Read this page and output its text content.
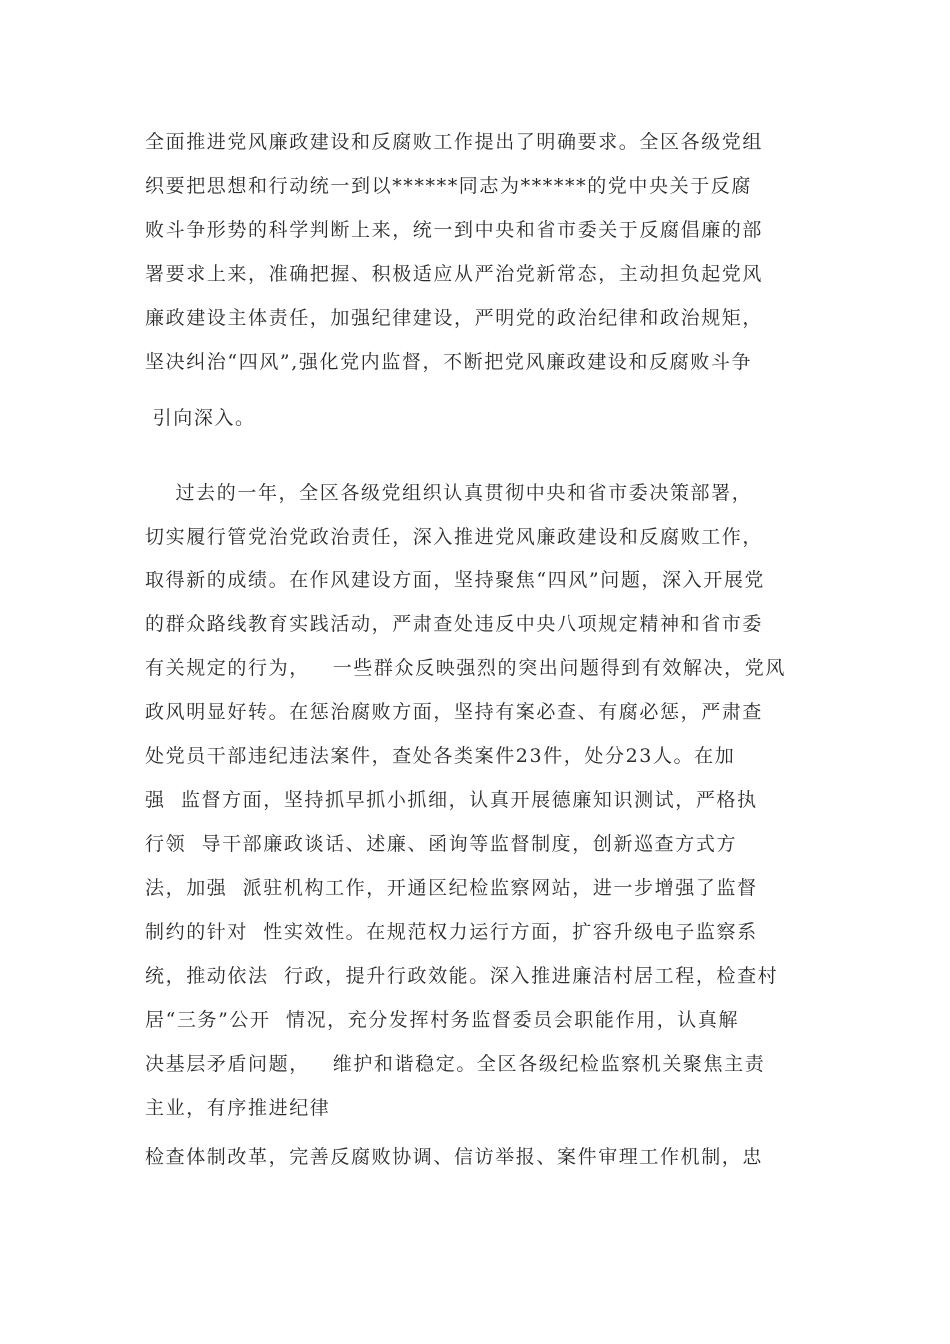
全面推进党风廉政建设和反腐败工作提出了明确要求。全区各级党组
织要把思想和行动统一到以******同志为******的党中央关于反腐
败斗争形势的科学判断上来，统一到中央和省市委关于反腐倡廉的部
署要求上来，准确把握、积极适应从严治党新常态，主动担负起党风
廉政建设主体责任，加强纪律建设，严明党的政治纪律和政治规矩，
坚决纠治“四风”,强化党内监督，不断把党风廉政建设和反腐败斗争
引向深入。
过去的一年，全区各级党组织认真贯彻中央和省市委决策部署，
切实履行管党治党政治责任，深入推进党风廉政建设和反腐败工作，
取得新的成绩。在作风建设方面，坚持聚焦“四风”问题，深入开展党
的群众路线教育实践活动，严肃查处违反中央八项规定精神和省市委
有关规定的行为，   一些群众反映强烈的突出问题得到有效解决，党风
政风明显好转。在惩治腐败方面，坚持有案必查、有腐必惩，严肃查
处党员干部违纪违法案件，查处各类案件23件，处分23人。在加
强  监督方面，坚持抓早抓小抓细，认真开展德廉知识测试，严格执
行领  导干部廉政谈话、述廉、函询等监督制度，创新巡查方式方
法，加强  派驻机构工作，开通区纪检监察网站，进一步增强了监督
制约的针对  性实效性。在规范权力运行方面，扩容升级电子监察系
统，推动依法  行政，提升行政效能。深入推进廉洁村居工程，检查村
居“三务”公开  情况，充分发挥村务监督委员会职能作用，认真解
决基层矛盾问题，   维护和谐稳定。全区各级纪检监察机关聚焦主责
主业，有序推进纪律
检查体制改革，完善反腐败协调、信访举报、案件审理工作机制，忠
